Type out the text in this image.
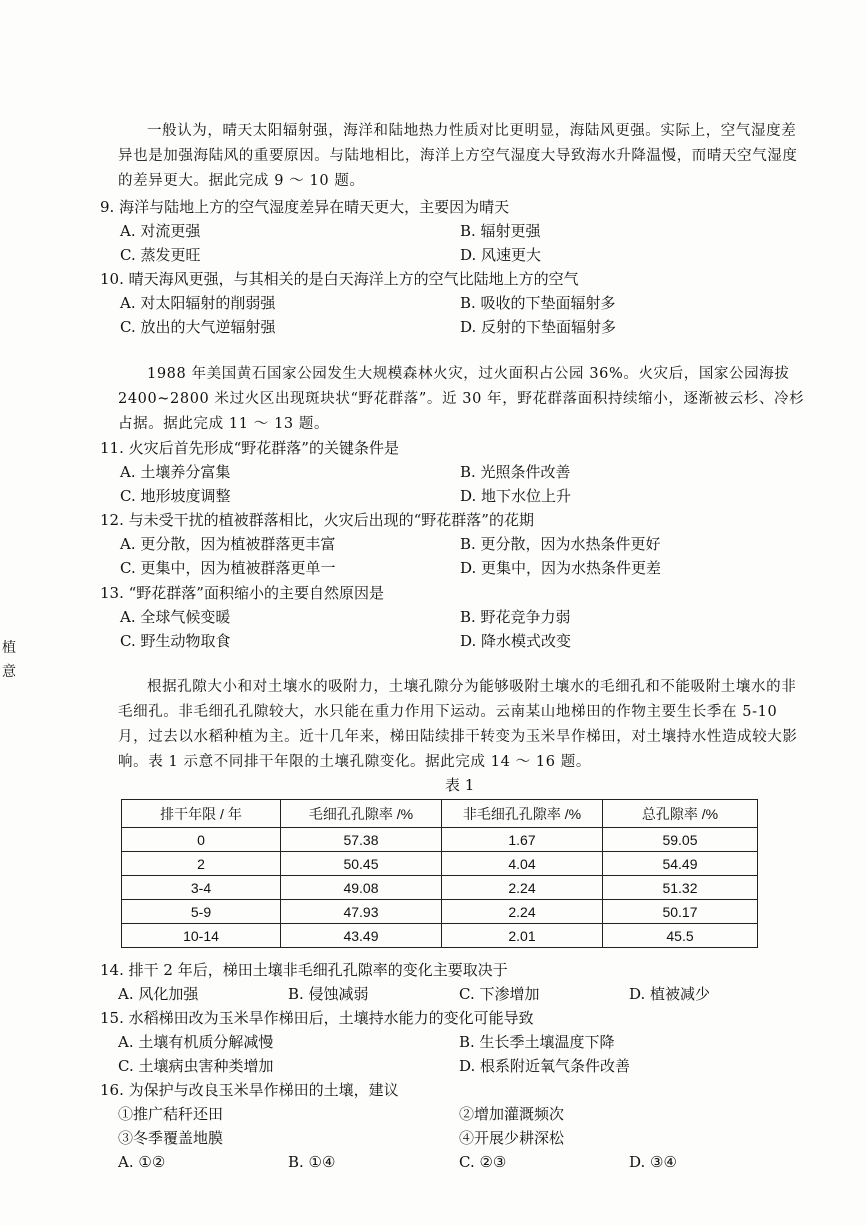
一般认为，晴天太阳辐射强，海洋和陆地热力性质对比更明显，海陆风更强。实际上，空气湿度差异也是加强海陆风的重要原因。与陆地相比，海洋上方空气湿度大导致海水升降温慢，而晴天空气湿度的差异更大。据此完成 9 ～ 10 题。

9. 海洋与陆地上方的空气湿度差异在晴天更大，主要因为晴天
A. 对流更强	B. 辐射更强
C. 蒸发更旺	D. 风速更大
10. 晴天海风更强，与其相关的是白天海洋上方的空气比陆地上方的空气
A. 对太阳辐射的削弱强	B. 吸收的下垫面辐射多
C. 放出的大气逆辐射强	D. 反射的下垫面辐射多

1988 年美国黄石国家公园发生大规模森林火灾，过火面积占公园 36%。火灾后，国家公园海拔 2400~2800 米过火区出现斑块状“野花群落”。近 30 年，野花群落面积持续缩小，逐渐被云杉、冷杉占据。据此完成 11 ～ 13 题。

11. 火灾后首先形成“野花群落”的关键条件是
A. 土壤养分富集	B. 光照条件改善
C. 地形坡度调整	D. 地下水位上升
12. 与未受干扰的植被群落相比，火灾后出现的“野花群落”的花期
A. 更分散，因为植被群落更丰富	B. 更分散，因为水热条件更好
C. 更集中，因为植被群落更单一	D. 更集中，因为水热条件更差
13. “野花群落”面积缩小的主要自然原因是
A. 全球气候变暖	B. 野花竞争力弱
C. 野生动物取食	D. 降水模式改变
植
意

根据孔隙大小和对土壤水的吸附力，土壤孔隙分为能够吸附土壤水的毛细孔和不能吸附土壤水的非毛细孔。非毛细孔孔隙较大，水只能在重力作用下运动。云南某山地梯田的作物主要生长季在 5-10 月，过去以水稻种植为主。近十几年来，梯田陆续排干转变为玉米旱作梯田，对土壤持水性造成较大影响。表 1 示意不同排干年限的土壤孔隙变化。据此完成 14 ～ 16 题。

表 1
排干年限 / 年	毛细孔孔隙率 /%	非毛细孔孔隙率 /%	总孔隙率 /%
0	57.38	1.67	59.05
2	50.45	4.04	54.49
3-4	49.08	2.24	51.32
5-9	47.93	2.24	50.17
10-14	43.49	2.01	45.5
14. 排干 2 年后，梯田土壤非毛细孔孔隙率的变化主要取决于
A. 风化加强	B. 侵蚀减弱	C. 下渗增加	D. 植被减少
15. 水稻梯田改为玉米旱作梯田后，土壤持水能力的变化可能导致
A. 土壤有机质分解减慢	B. 生长季土壤温度下降
C. 土壤病虫害种类增加	D. 根系附近氧气条件改善
16. 为保护与改良玉米旱作梯田的土壤，建议
①推广秸秆还田	②增加灌溉频次
③冬季覆盖地膜	④开展少耕深松
A. ①②	B. ①④	C. ②③	D. ③④
